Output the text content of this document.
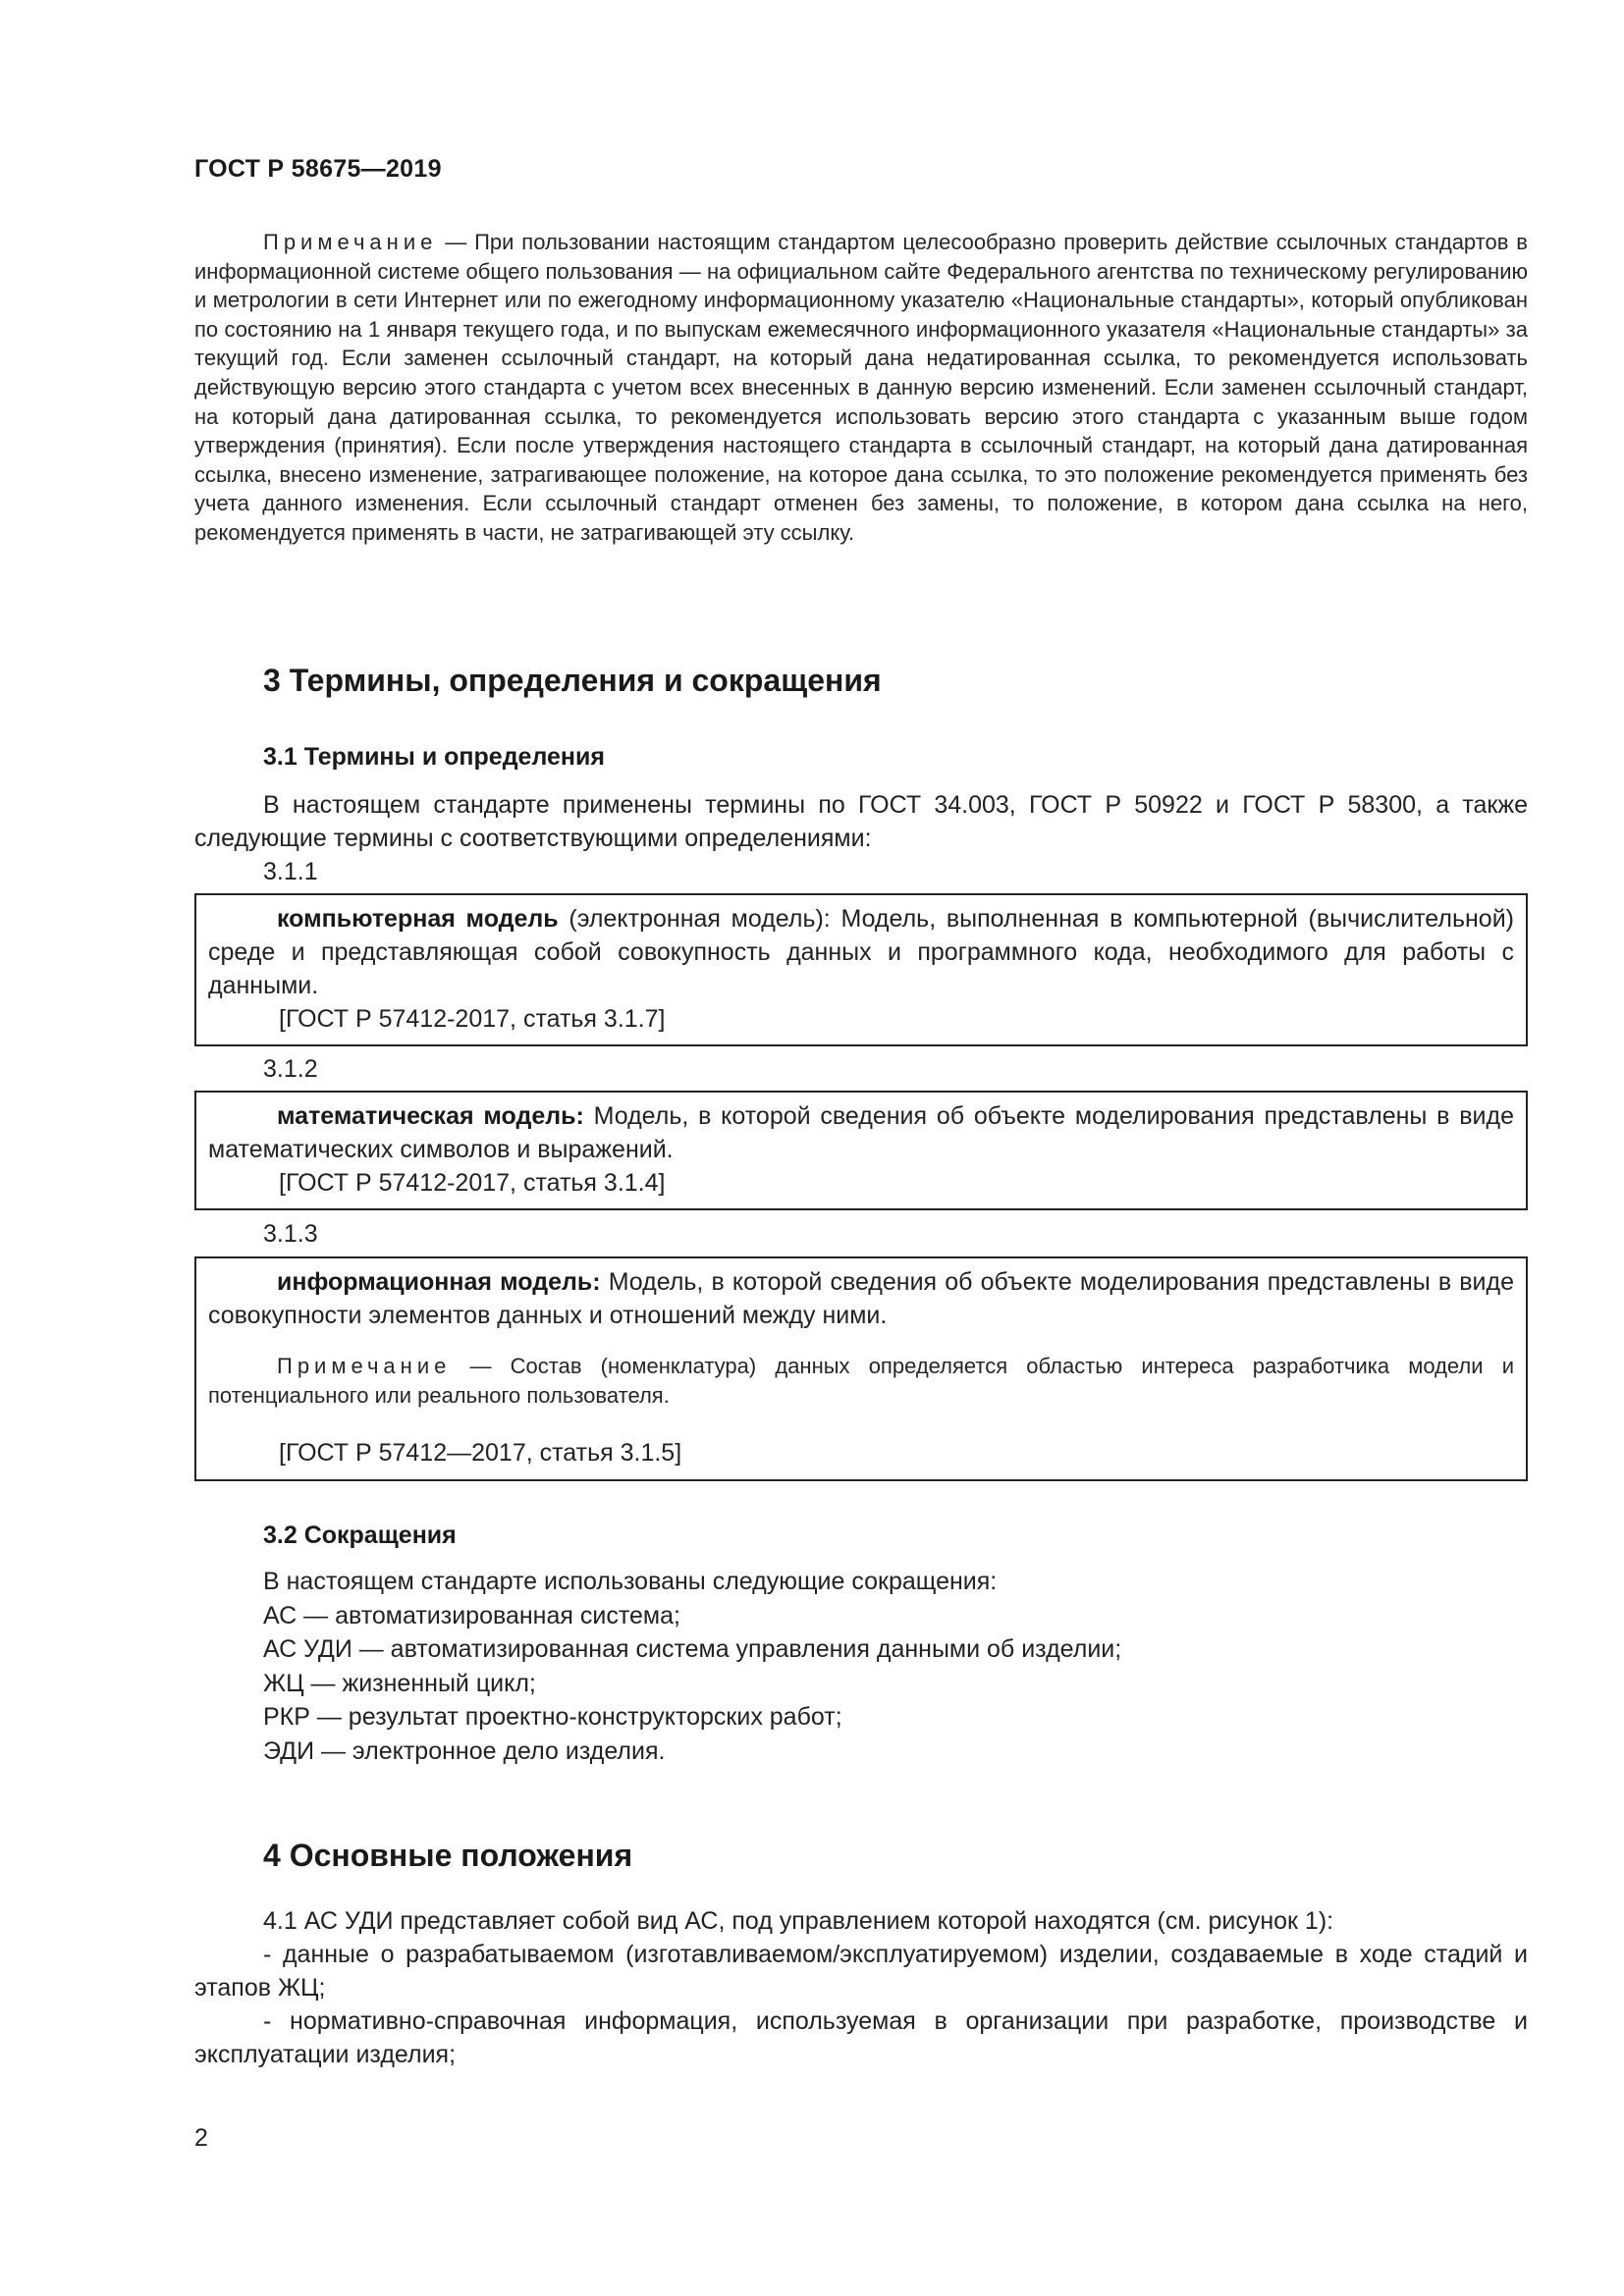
ГОСТ Р 58675—2019
Примечание — При пользовании настоящим стандартом целесообразно проверить действие ссылочных стандартов в информационной системе общего пользования — на официальном сайте Федерального агентства по техническому регулированию и метрологии в сети Интернет или по ежегодному информационному указателю «Национальные стандарты», который опубликован по состоянию на 1 января текущего года, и по выпускам ежемесячного информационного указателя «Национальные стандарты» за текущий год. Если заменен ссылочный стандарт, на который дана недатированная ссылка, то рекомендуется использовать действующую версию этого стандарта с учетом всех внесенных в данную версию изменений. Если заменен ссылочный стандарт, на который дана датированная ссылка, то рекомендуется использовать версию этого стандарта с указанным выше годом утверждения (принятия). Если после утверждения настоящего стандарта в ссылочный стандарт, на который дана датированная ссылка, внесено изменение, затрагивающее положение, на которое дана ссылка, то это положение рекомендуется применять без учета данного изменения. Если ссылочный стандарт отменен без замены, то положение, в котором дана ссылка на него, рекомендуется применять в части, не затрагивающей эту ссылку.
3 Термины, определения и сокращения
3.1 Термины и определения
В настоящем стандарте применены термины по ГОСТ 34.003, ГОСТ Р 50922 и ГОСТ Р 58300, а также следующие термины с соответствующими определениями:
3.1.1

компьютерная модель (электронная модель): Модель, выполненная в компьютерной (вычислительной) среде и представляющая собой совокупность данных и программного кода, необходимого для работы с данными.

[ГОСТ Р 57412-2017, статья 3.1.7]

3.1.2

математическая модель: Модель, в которой сведения об объекте моделирования представлены в виде математических символов и выражений.

[ГОСТ Р 57412-2017, статья 3.1.4]

3.1.3

информационная модель: Модель, в которой сведения об объекте моделирования представлены в виде совокупности элементов данных и отношений между ними.

Примечание — Состав (номенклатура) данных определяется областью интереса разработчика модели и потенциального или реального пользователя.

[ГОСТ Р 57412—2017, статья 3.1.5]

3.2 Сокращения
В настоящем стандарте использованы следующие сокращения:
АС — автоматизированная система;
АС УДИ — автоматизированная система управления данными об изделии;
ЖЦ — жизненный цикл;
РКР — результат проектно-конструкторских работ;
ЭДИ — электронное дело изделия.
4 Основные положения
4.1 АС УДИ представляет собой вид АС, под управлением которой находятся (см. рисунок 1):
- данные о разрабатываемом (изготавливаемом/эксплуатируемом) изделии, создаваемые в ходе стадий и этапов ЖЦ;
- нормативно-справочная информация, используемая в организации при разработке, производстве и эксплуатации изделия;
2
